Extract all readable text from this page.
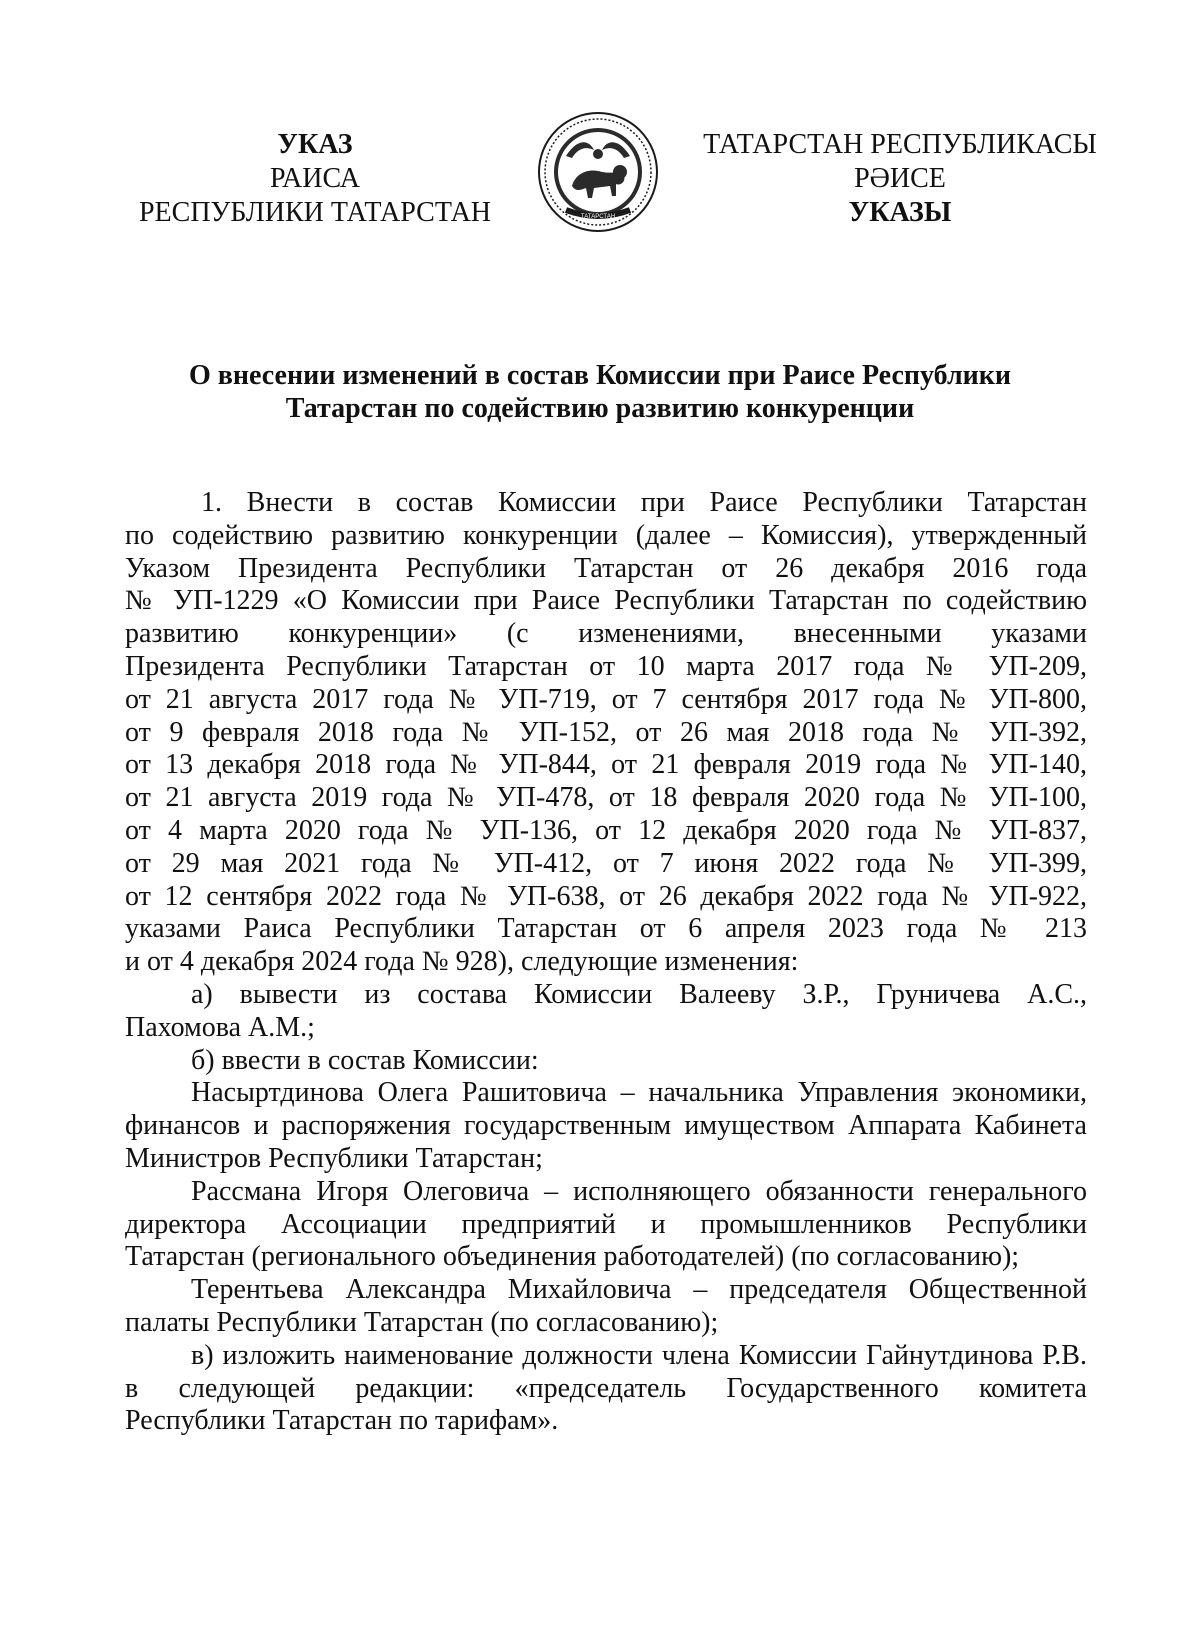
УКАЗ
РАИСА
РЕСПУБЛИКИ ТАТАРСТАН	ТАТАРСТАН
ТАТАРСТАН РЕСПУБЛИКАСЫ
РӘИСЕ
УКАЗЫ
О внесении изменений в состав Комиссии при Раисе Республики
Татарстан по содействию развитию конкуренции
1. Внести в состав Комиссии при Раисе Республики Татарстан
по содействию развитию конкуренции (далее – Комиссия), утвержденный
Указом Президента Республики Татарстан от 26 декабря 2016 года
№ УП-1229 «О Комиссии при Раисе Республики Татарстан по содействию
развитию конкуренции» (с изменениями, внесенными указами
Президента Республики Татарстан от 10 марта 2017 года № УП-209,
от 21 августа 2017 года № УП-719, от 7 сентября 2017 года № УП-800,
от 9 февраля 2018 года № УП-152, от 26 мая 2018 года № УП-392,
от 13 декабря 2018 года № УП-844, от 21 февраля 2019 года № УП-140,
от 21 августа 2019 года № УП-478, от 18 февраля 2020 года № УП-100,
от 4 марта 2020 года № УП-136, от 12 декабря 2020 года № УП-837,
от 29 мая 2021 года № УП-412, от 7 июня 2022 года № УП-399,
от 12 сентября 2022 года № УП-638, от 26 декабря 2022 года № УП-922,
указами Раиса Республики Татарстан от 6 апреля 2023 года № 213
и от 4 декабря 2024 года № 928), следующие изменения:
а) вывести из состава Комиссии Валееву З.Р., Груничева А.С.,
Пахомова А.М.;
б) ввести в состав Комиссии:
Насыртдинова Олега Рашитовича – начальника Управления экономики,
финансов и распоряжения государственным имуществом Аппарата Кабинета
Министров Республики Татарстан;
Рассмана Игоря Олеговича – исполняющего обязанности генерального
директора Ассоциации предприятий и промышленников Республики
Татарстан (регионального объединения работодателей) (по согласованию);
Терентьева Александра Михайловича – председателя Общественной
палаты Республики Татарстан (по согласованию);
в) изложить наименование должности члена Комиссии Гайнутдинова Р.В.
в следующей редакции: «председатель Государственного комитета
Республики Татарстан по тарифам».
